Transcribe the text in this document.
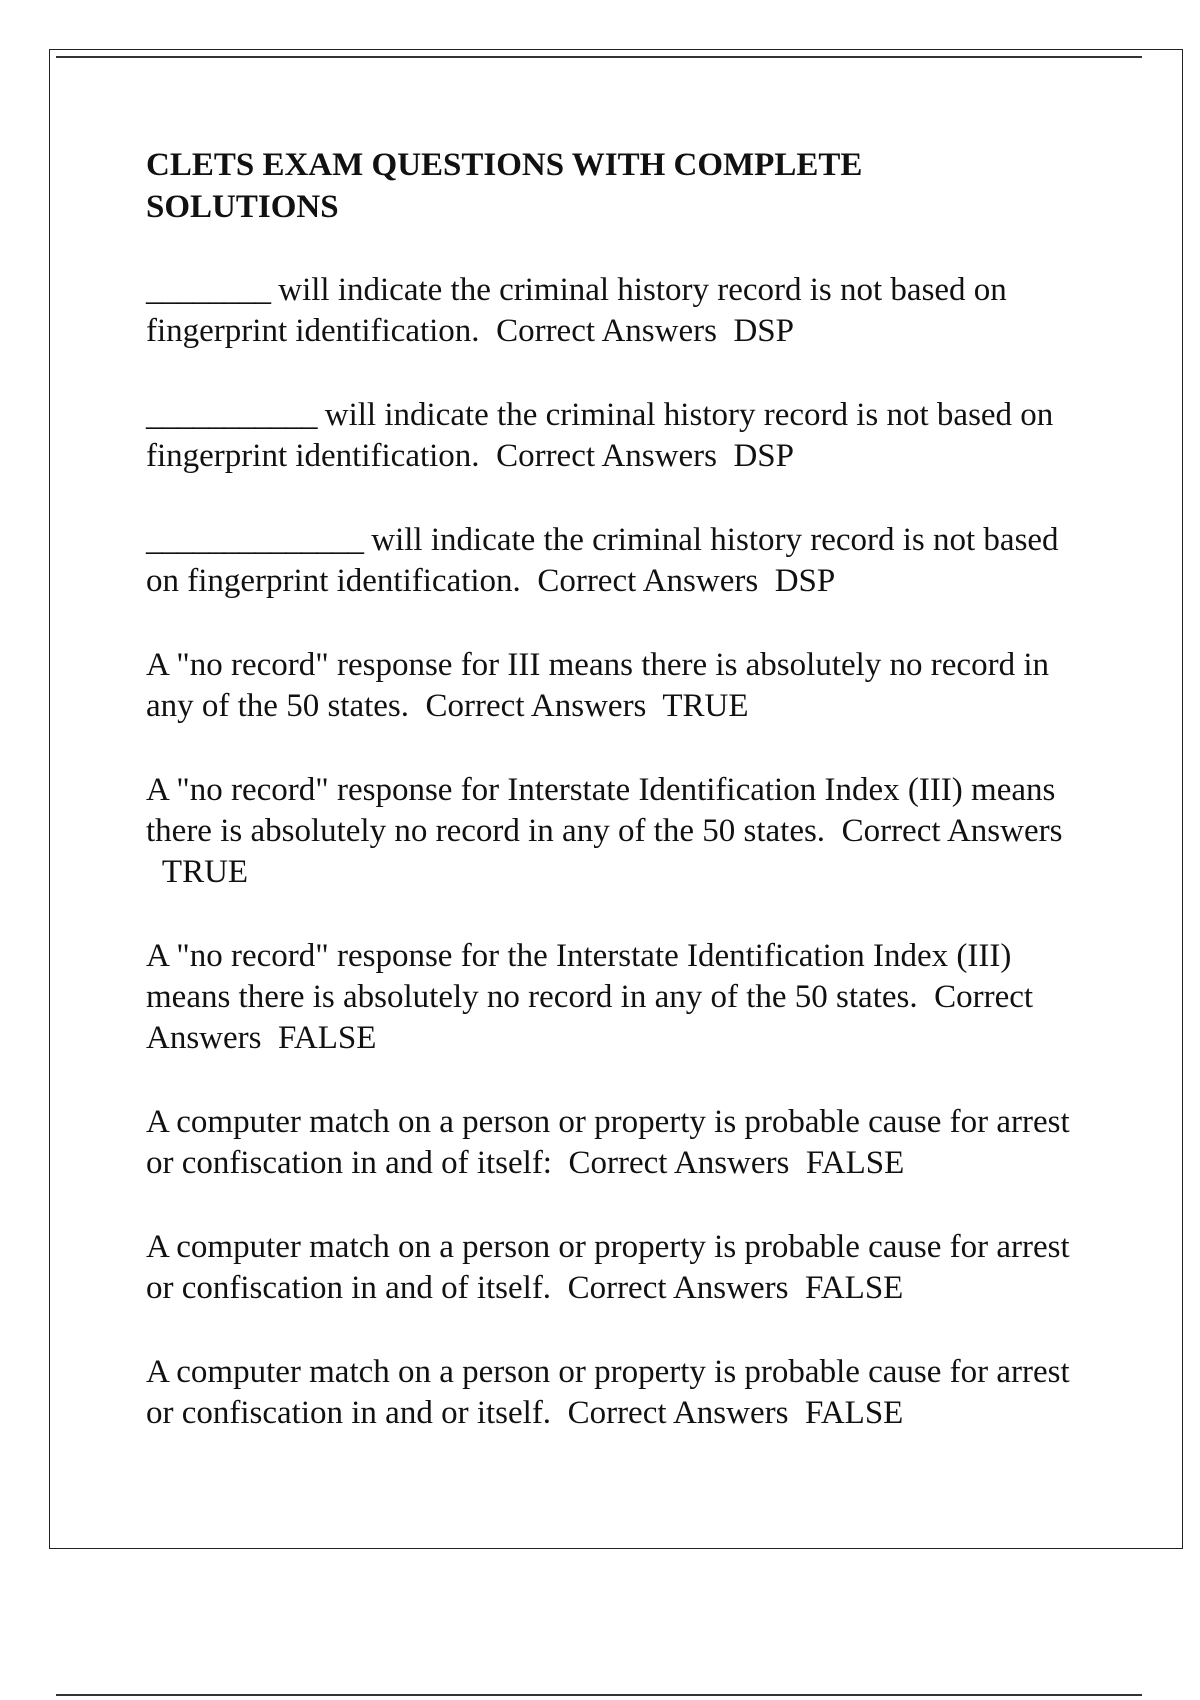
CLETS EXAM QUESTIONS WITH COMPLETE SOLUTIONS

________ will indicate the criminal history record is not based on fingerprint identification. Correct Answers DSP

___________ will indicate the criminal history record is not based on fingerprint identification. Correct Answers DSP

______________ will indicate the criminal history record is not based on fingerprint identification. Correct Answers DSP

A "no record" response for III means there is absolutely no record in any of the 50 states. Correct Answers TRUE

A "no record" response for Interstate Identification Index (III) means there is absolutely no record in any of the 50 states. Correct Answers  TRUE

A "no record" response for the Interstate Identification Index (III) means there is absolutely no record in any of the 50 states. Correct Answers FALSE

A computer match on a person or property is probable cause for arrest or confiscation in and of itself: Correct Answers FALSE

A computer match on a person or property is probable cause for arrest or confiscation in and of itself. Correct Answers FALSE

A computer match on a person or property is probable cause for arrest or confiscation in and or itself. Correct Answers FALSE
